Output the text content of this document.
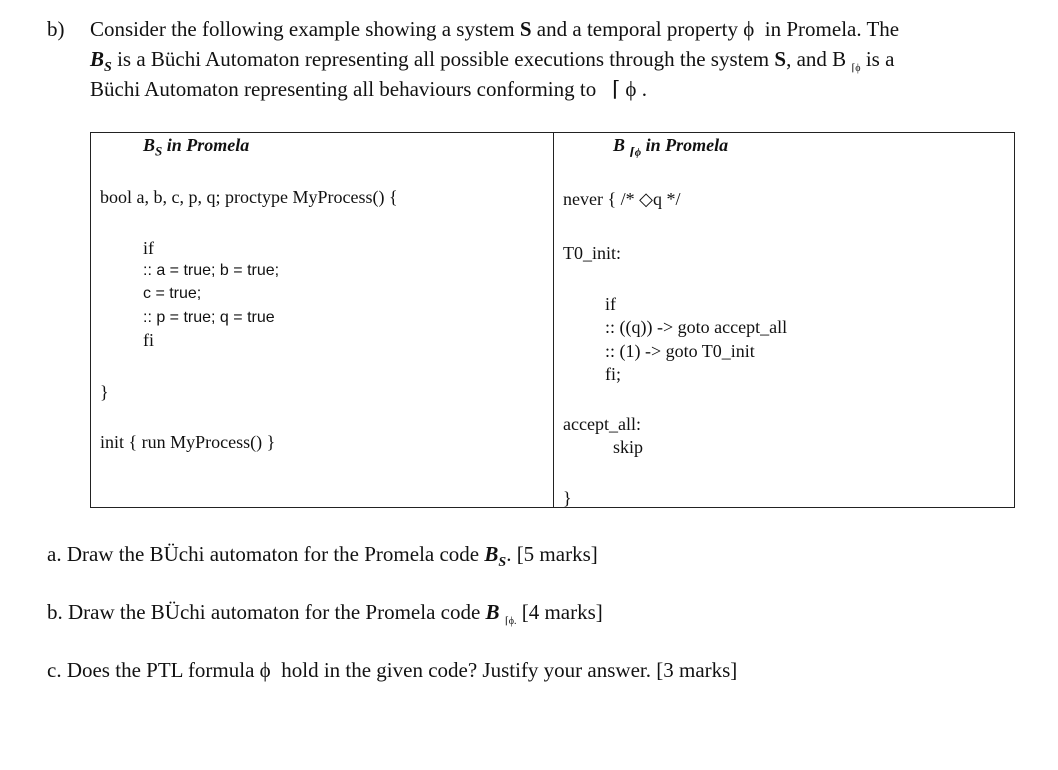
b) Consider the following example showing a system S and a temporal property ϕ in Promela. The
$B_S$ is a Büchi Automaton representing all possible executions through the system S, and B $_{⌈\phi}$ is a
Büchi Automaton representing all behaviours conforming to ⌈ ϕ .
$B_S$ in Promela	B $_{⌈\phi}$ in Promela
bool a, b, c, p, q; proctype MyProcess() {
if
:: a = true; b = true;
c = true;
:: p = true; q = true
fi
}
init { run MyProcess() }
never { /* ◇q */
T0_init:
if
:: ((q)) -> goto accept_all
:: (1) -> goto T0_init
fi;
accept_all:
skip
}
a. Draw the BÜchi automaton for the Promela code $B_S$. [5 marks]
b. Draw the BÜchi automaton for the Promela code B $_{⌈\phi.}$ [4 marks]
c. Does the PTL formula ϕ hold in the given code? Justify your answer. [3 marks]
